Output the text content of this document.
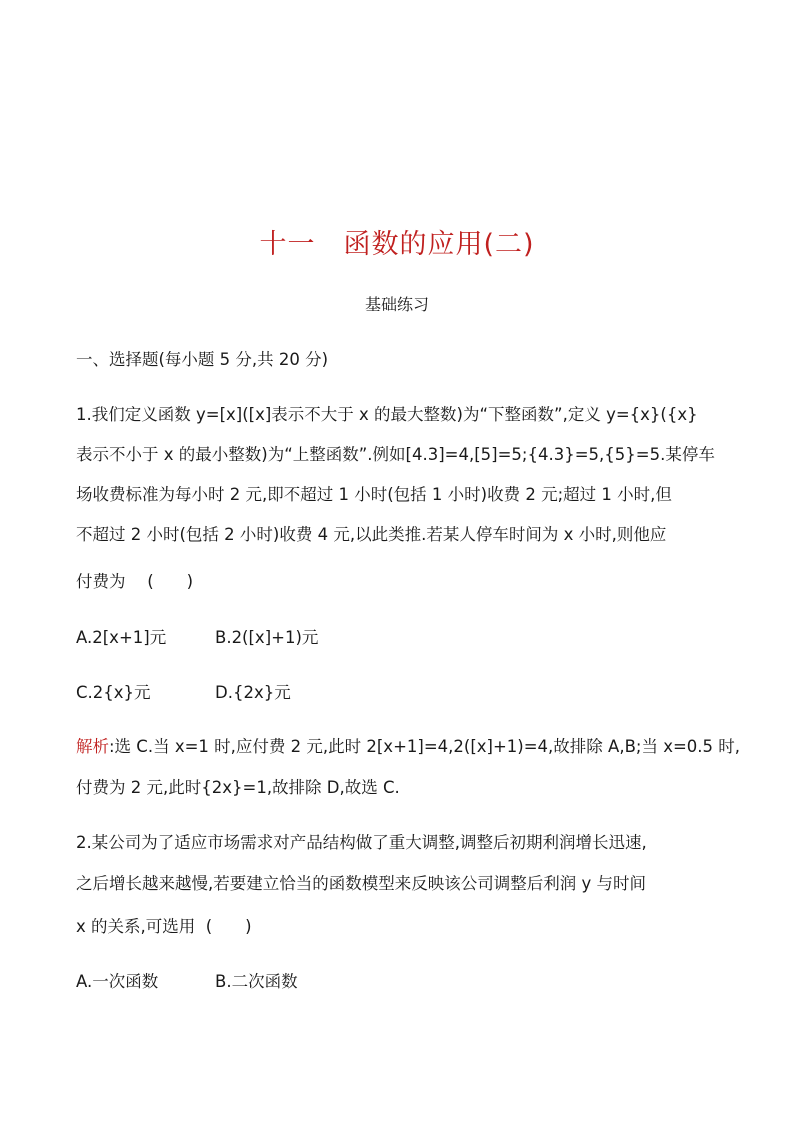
十一　函数的应用(二)
基础练习
一、选择题(每小题 5 分,共 20 分)
1.我们定义函数 y=[x]([x]表示不大于 x 的最大整数)为“下整函数”,定义 y={x}({x}
表示不小于 x 的最小整数)为“上整函数”.例如[4.3]=4,[5]=5;{4.3}=5,{5}=5.某停车
场收费标准为每小时 2 元,即不超过 1 小时(包括 1 小时)收费 2 元;超过 1 小时,但
不超过 2 小时(包括 2 小时)收费 4 元,以此类推.若某人停车时间为 x 小时,则他应
付费为　 (　　)
A.2[x+1]元	B.2([x]+1)元
C.2{x}元	D.{2x}元
解析:选 C.当 x=1 时,应付费 2 元,此时 2[x+1]=4,2([x]+1)=4,故排除 A,B;当 x=0.5 时,
付费为 2 元,此时{2x}=1,故排除 D,故选 C.
2.某公司为了适应市场需求对产品结构做了重大调整,调整后初期利润增长迅速,
之后增长越来越慢,若要建立恰当的函数模型来反映该公司调整后利润 y 与时间
x 的关系,可选用  (　　)
A.一次函数	B.二次函数
